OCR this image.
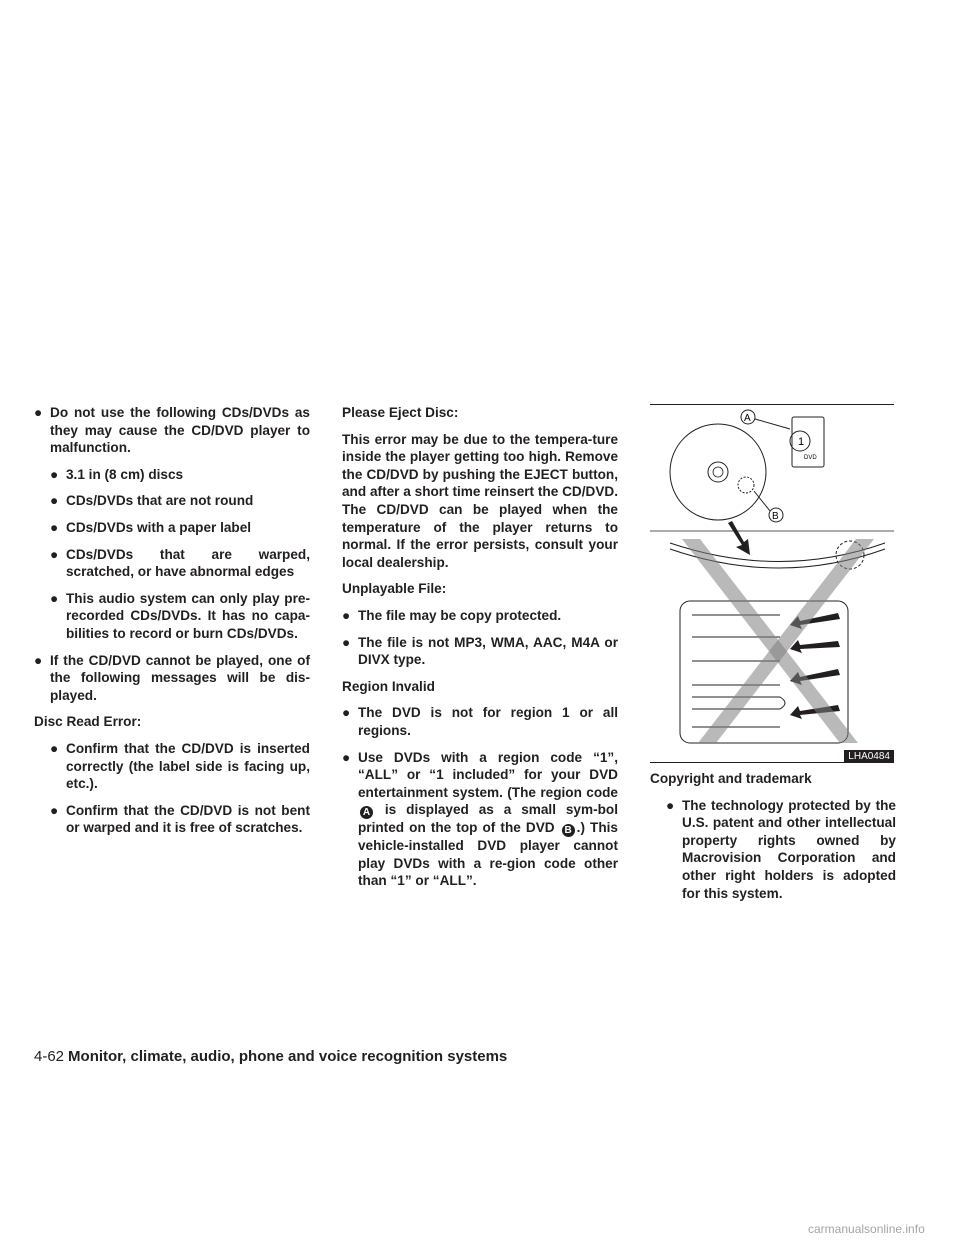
● Do not use the following CDs/DVDs as they may cause the CD/DVD player to malfunction.
● 3.1 in (8 cm) discs
● CDs/DVDs that are not round
● CDs/DVDs with a paper label
● CDs/DVDs that are warped, scratched, or have abnormal edges
● This audio system can only play pre-recorded CDs/DVDs. It has no capa-bilities to record or burn CDs/DVDs.
● If the CD/DVD cannot be played, one of the following messages will be dis-played.

Disc Read Error:

● Confirm that the CD/DVD is inserted correctly (the label side is facing up, etc.).
● Confirm that the CD/DVD is not bent or warped and it is free of scratches.

Please Eject Disc:

This error may be due to the tempera-ture inside the player getting too high. Remove the CD/DVD by pushing the EJECT button, and after a short time reinsert the CD/DVD. The CD/DVD can be played when the temperature of the player returns to normal. If the error persists, consult your local dealership.

Unplayable File:

● The file may be copy protected.
● The file is not MP3, WMA, AAC, M4A or DIVX type.

Region Invalid

● The DVD is not for region 1 or all regions.
● Use DVDs with a region code “1”, “ALL” or “1 included” for your DVD entertainment system. (The region code A is displayed as a small sym-bol printed on the top of the DVD B .) This vehicle-installed DVD player cannot play DVDs with a re-gion code other than “1” or “ALL”.
1
DVD
A
B
LHA0484

Copyright and trademark

● The technology protected by the U.S. patent and other intellectual property rights owned by Macrovision Corporation and other right holders is adopted for this system.
4-62 Monitor, climate, audio, phone and voice recognition systems
carmanualsonline.info
